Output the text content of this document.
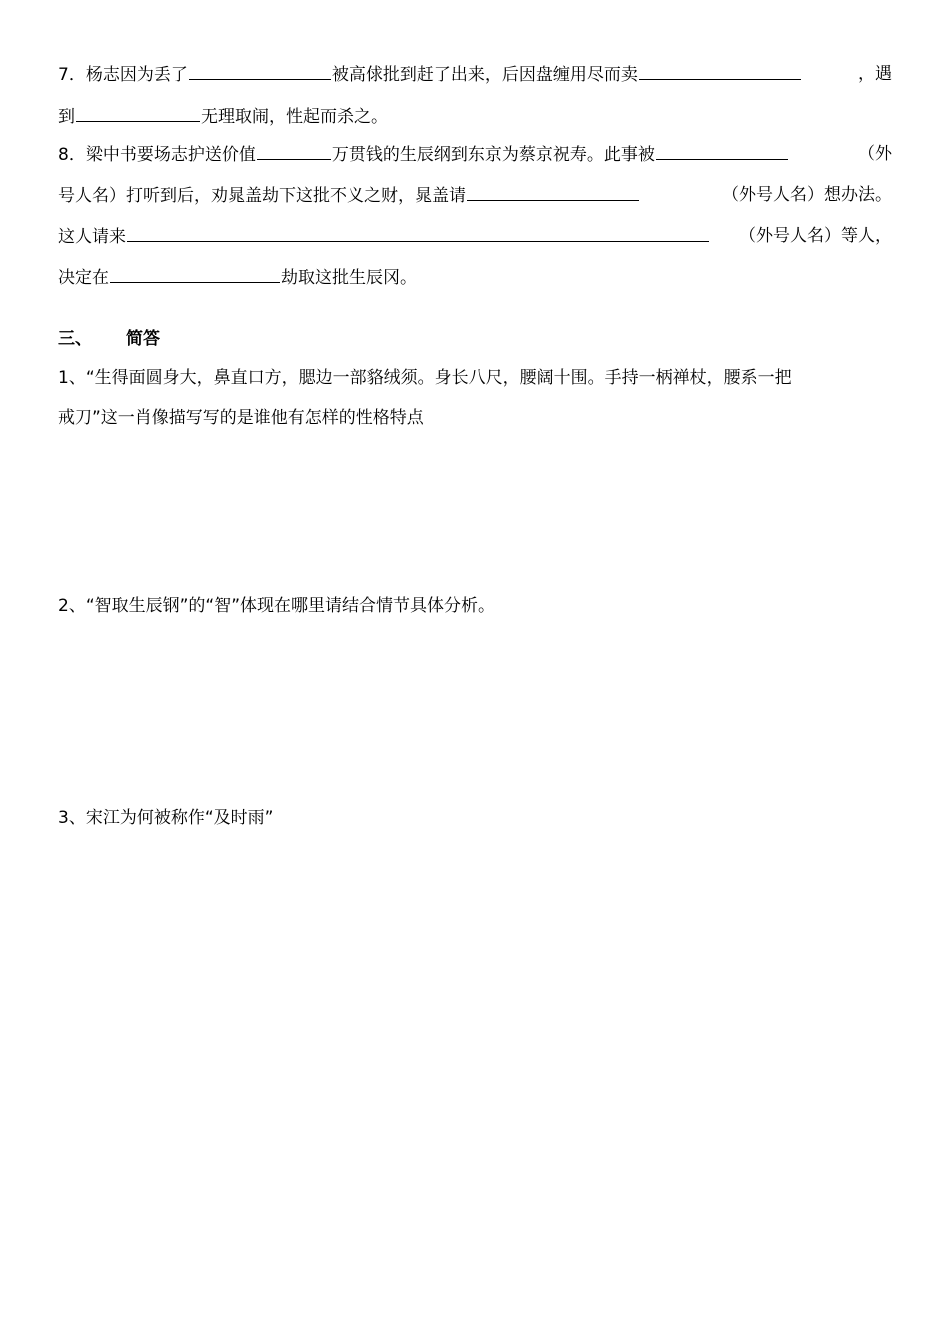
7．杨志因为丢了	被高俅批到赶了出来，后因盘缠用尽而卖	，遇
到	无理取闹，性起而杀之。
8．梁中书要场志护送价值	万贯钱的生辰纲到东京为蔡京祝寿。此事被	（外
号人名）打听到后，劝晁盖劫下这批不义之财，晁盖请	（外号人名）想办法。
这人请来	（外号人名）等人，
决定在	劫取这批生辰冈。
三、 简答
1、“生得面圆身大，鼻直口方，腮边一部貉绒须。身长八尺，腰阔十围。手持一柄禅杖，腰系一把
戒刀”这一肖像描写写的是谁他有怎样的性格特点
2、“智取生辰钢”的“智”体现在哪里请结合情节具体分析。
3、宋江为何被称作“及时雨”
